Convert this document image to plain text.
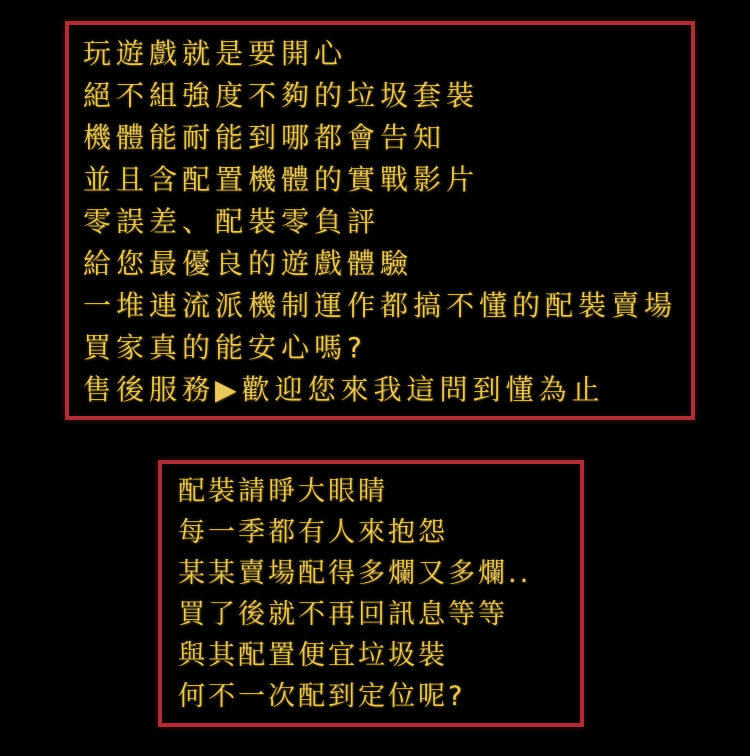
玩遊戲就是要開心
絕不組強度不夠的垃圾套裝
機體能耐能到哪都會告知
並且含配置機體的實戰影片
零誤差、配裝零負評
給您最優良的遊戲體驗
一堆連流派機制運作都搞不懂的配裝賣場
買家真的能安心嗎?
售後服務▶歡迎您來我這問到懂為止
配裝請睜大眼睛
每一季都有人來抱怨
某某賣場配得多爛又多爛..
買了後就不再回訊息等等
與其配置便宜垃圾裝
何不一次配到定位呢?
